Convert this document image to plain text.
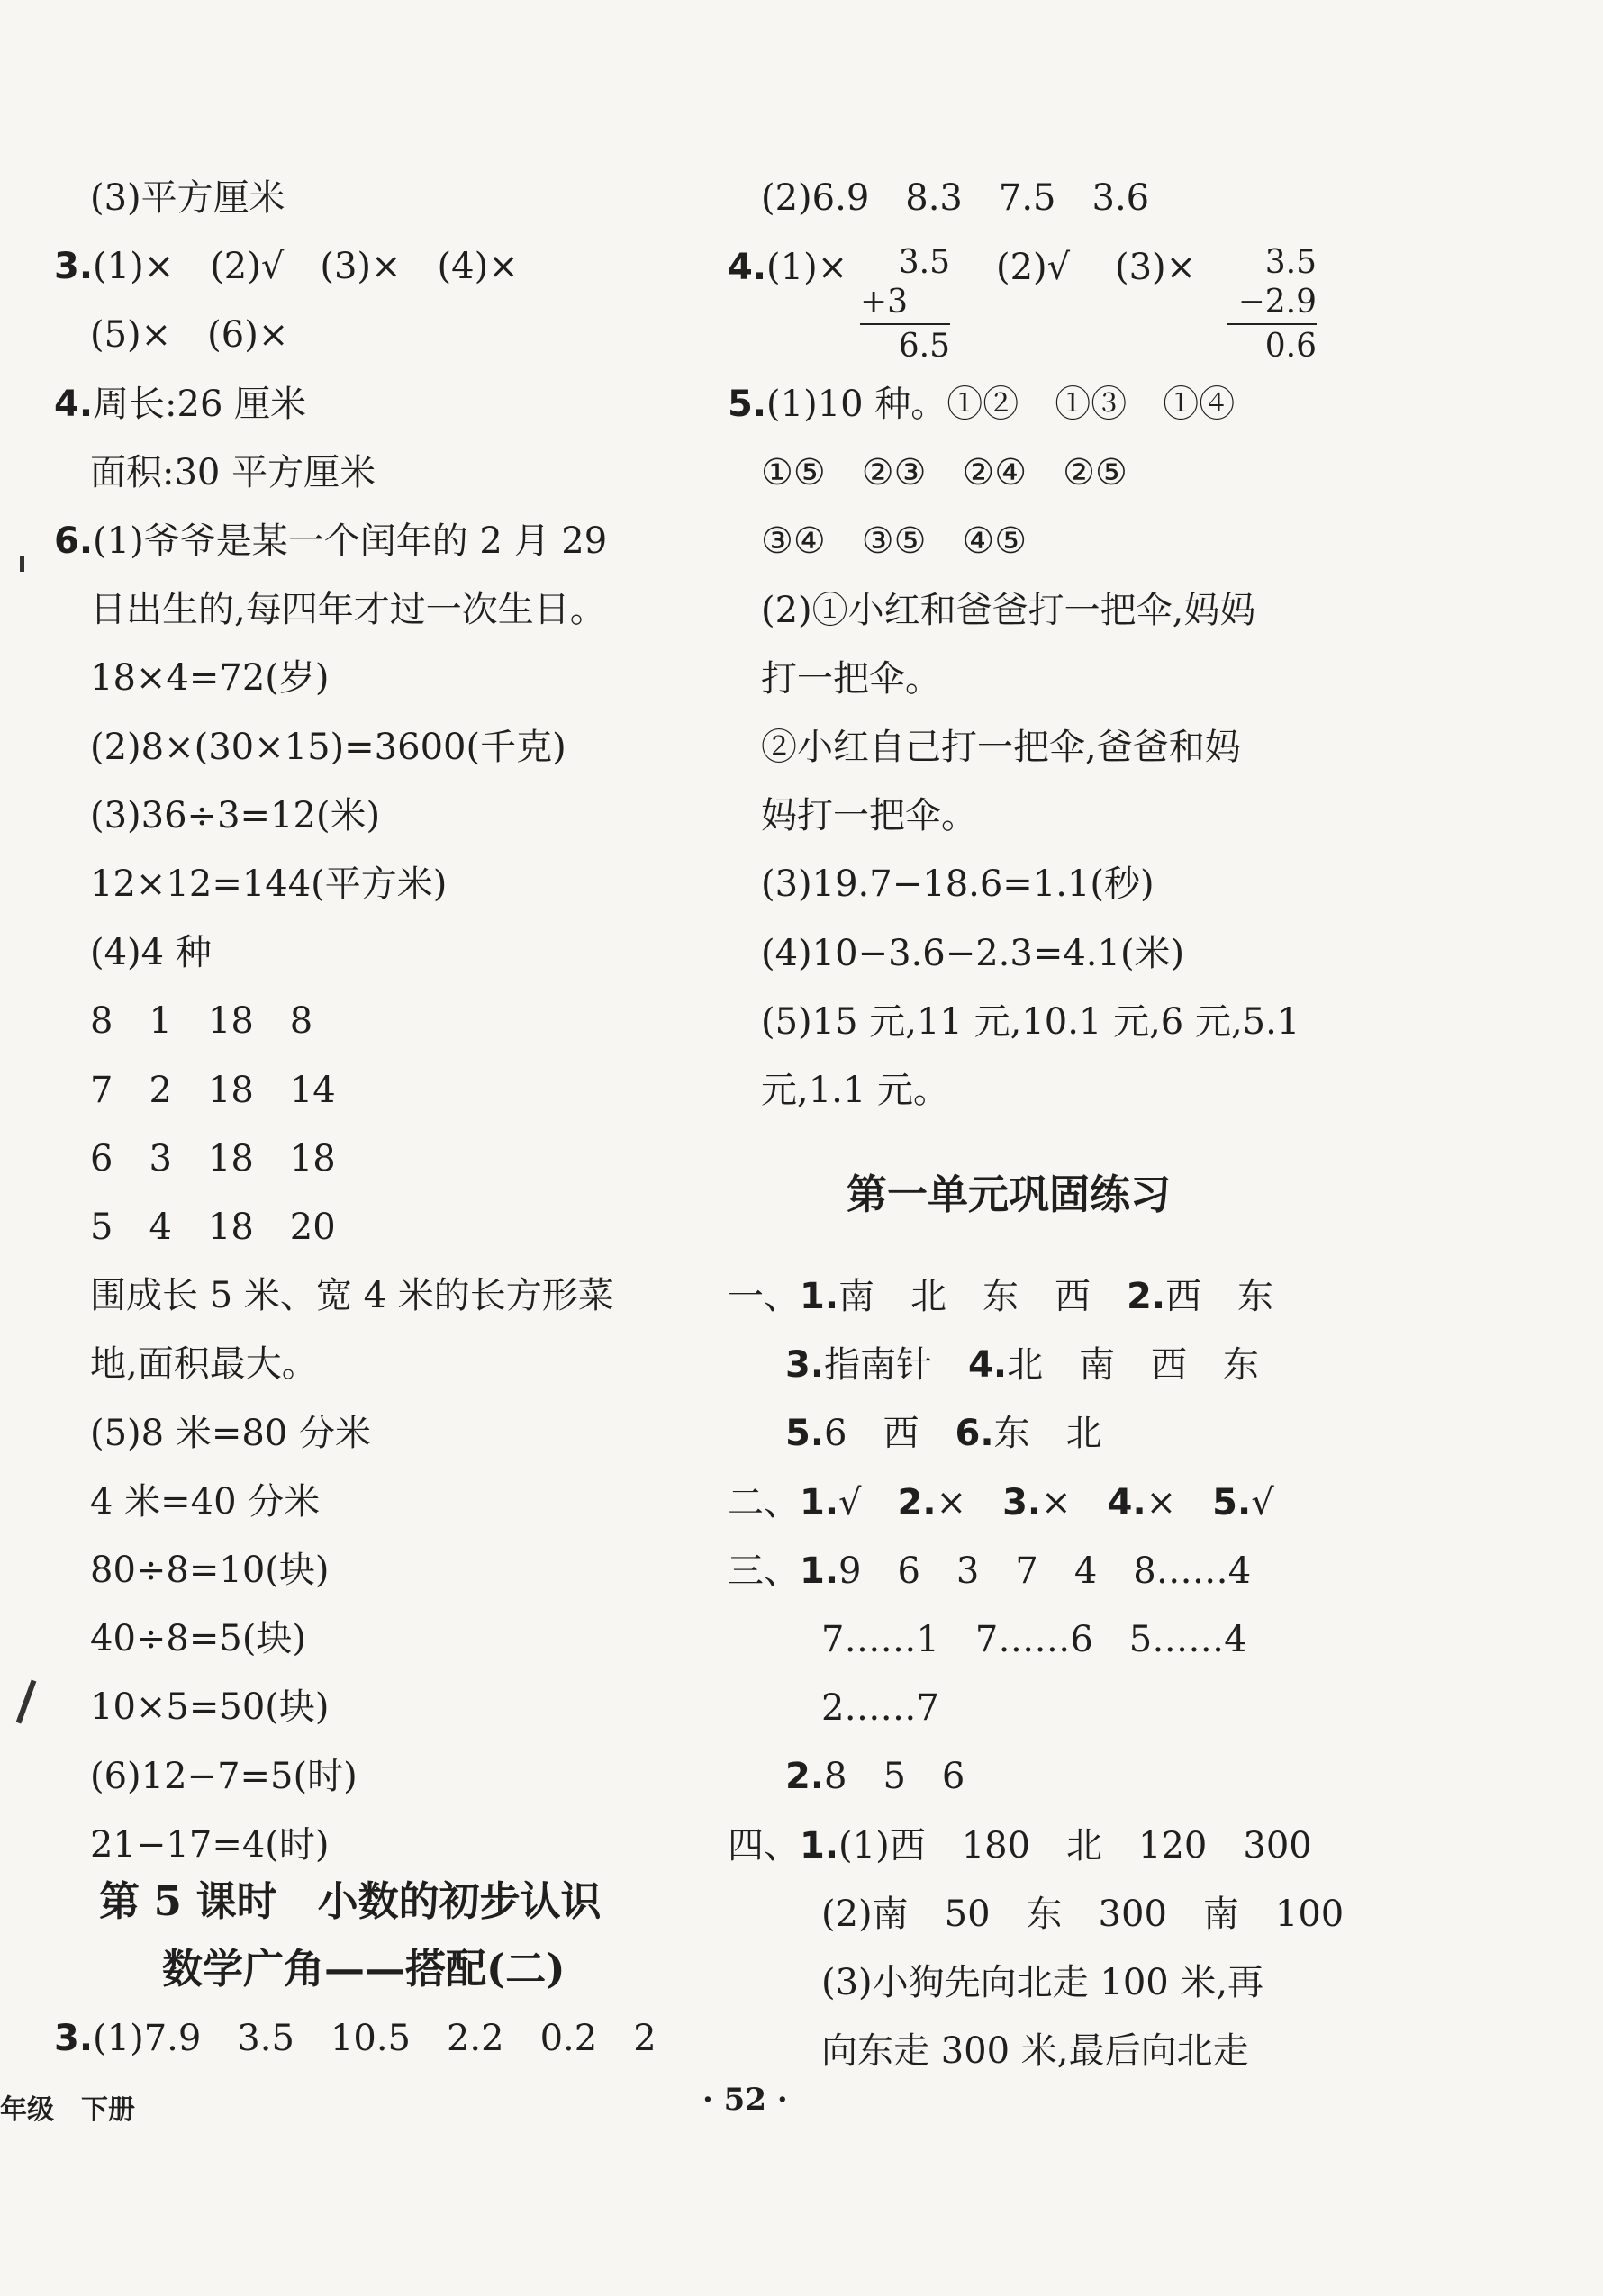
(3)平方厘米
3.(1)×　(2)√　(3)×　(4)×
(5)×　(6)×
4.周长:26 厘米
面积:30 平方厘米
6.(1)爷爷是某一个闰年的 2 月 29
日出生的,每四年才过一次生日。
18×4=72(岁)
(2)8×(30×15)=3600(千克)
(3)36÷3=12(米)
12×12=144(平方米)
(4)4 种
8　1　18　8
7　2　18　14
6　3　18　18
5　4　18　20
围成长 5 米、宽 4 米的长方形菜
地,面积最大。
(5)8 米=80 分米
4 米=40 分米
80÷8=10(块)
40÷8=5(块)
10×5=50(块)
(6)12−7=5(时)
21−17=4(时)
第 5 课时　小数的初步认识
数学广角——搭配(二)
3.(1)7.9　3.5　10.5　2.2　0.2　2
(2)6.9　8.3　7.5　3.6
4.(1)×	3.5
+3
6.5
(2)√ (3)×	3.5
−2.9
0.6
5.(1)10 种。①②　①③　①④
①⑤　②③　②④　②⑤
③④　③⑤　④⑤
(2)①小红和爸爸打一把伞,妈妈
打一把伞。
②小红自己打一把伞,爸爸和妈
妈打一把伞。
(3)19.7−18.6=1.1(秒)
(4)10−3.6−2.3=4.1(米)
(5)15 元,11 元,10.1 元,6 元,5.1
元,1.1 元。
第一单元巩固练习
一、1.南　北　东　西　2.西　东
3.指南针　4.北　南　西　东
5.6　西　6.东　北
二、1.√　2.×　3.×　4.×　5.√
三、1.9　6　3　7　4　8……4
7……1　7……6　5……4
2……7
2.8　5　6
四、1.(1)西　180　北　120　300
(2)南　50　东　300　南　100
(3)小狗先向北走 100 米,再
向东走 300 米,最后向北走
年级　下册	· 52 ·
